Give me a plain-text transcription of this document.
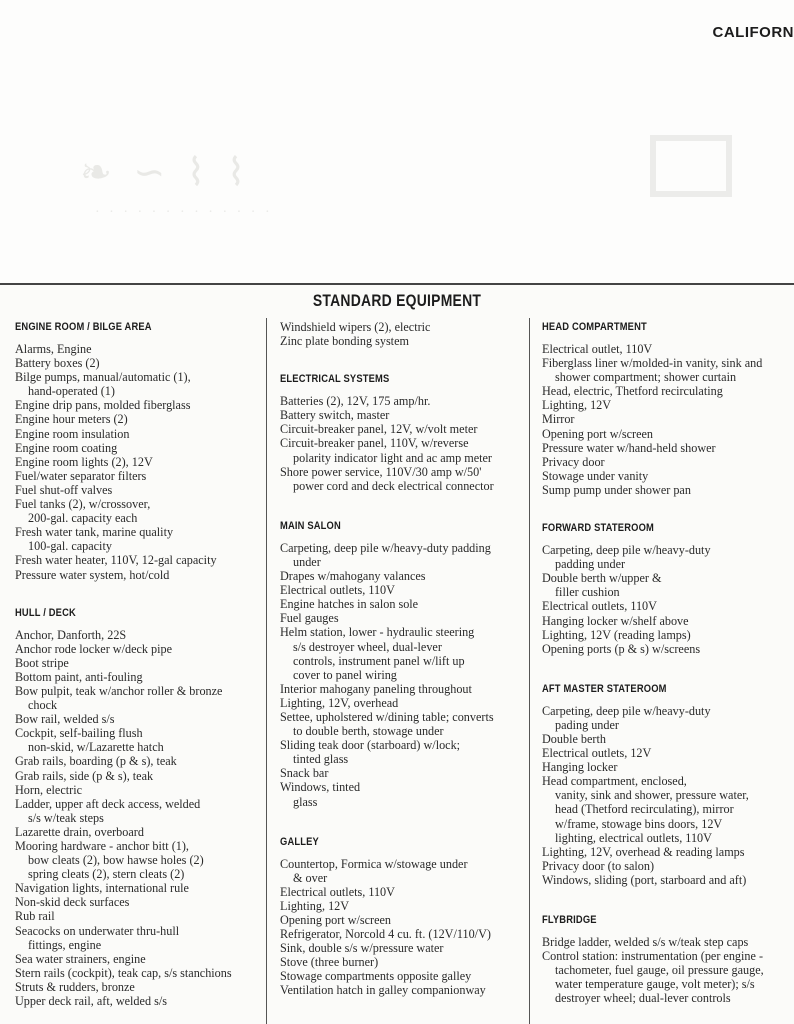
❧ ∽ ⌇ ⌇
· · · · · · · · · · · · ·
CALIFORN
STANDARD EQUIPMENT
ENGINE ROOM / BILGE AREA
Alarms, Engine
Battery boxes (2)
Bilge pumps, manual/automatic (1),
hand-operated (1)
Engine drip pans, molded fiberglass
Engine hour meters (2)
Engine room insulation
Engine room coating
Engine room lights (2), 12V
Fuel/water separator filters
Fuel shut-off valves
Fuel tanks (2), w/crossover,
200-gal. capacity each
Fresh water tank, marine quality
100-gal. capacity
Fresh water heater, 110V, 12-gal capacity
Pressure water system, hot/cold
HULL / DECK
Anchor, Danforth, 22S
Anchor rode locker w/deck pipe
Boot stripe
Bottom paint, anti-fouling
Bow pulpit, teak w/anchor roller & bronze
chock
Bow rail, welded s/s
Cockpit, self-bailing flush
non-skid, w/Lazarette hatch
Grab rails, boarding (p & s), teak
Grab rails, side (p & s), teak
Horn, electric
Ladder, upper aft deck access, welded
s/s w/teak steps
Lazarette drain, overboard
Mooring hardware - anchor bitt (1),
bow cleats (2), bow hawse holes (2)
spring cleats (2), stern cleats (2)
Navigation lights, international rule
Non-skid deck surfaces
Rub rail
Seacocks on underwater thru-hull
fittings, engine
Sea water strainers, engine
Stern rails (cockpit), teak cap, s/s stanchions
Struts & rudders, bronze
Upper deck rail, aft, welded s/s
Windshield wipers (2), electric
Zinc plate bonding system
ELECTRICAL SYSTEMS
Batteries (2), 12V, 175 amp/hr.
Battery switch, master
Circuit-breaker panel, 12V, w/volt meter
Circuit-breaker panel, 110V, w/reverse
polarity indicator light and ac amp meter
Shore power service, 110V/30 amp w/50'
power cord and deck electrical connector
MAIN SALON
Carpeting, deep pile w/heavy-duty padding
under
Drapes w/mahogany valances
Electrical outlets, 110V
Engine hatches in salon sole
Fuel gauges
Helm station, lower - hydraulic steering
s/s destroyer wheel, dual-lever
controls, instrument panel w/lift up
cover to panel wiring
Interior mahogany paneling throughout
Lighting, 12V, overhead
Settee, upholstered w/dining table; converts
to double berth, stowage under
Sliding teak door (starboard) w/lock;
tinted glass
Snack bar
Windows, tinted
glass
GALLEY
Countertop, Formica w/stowage under
& over
Electrical outlets, 110V
Lighting, 12V
Opening port w/screen
Refrigerator, Norcold 4 cu. ft. (12V/110/V)
Sink, double s/s w/pressure water
Stove (three burner)
Stowage compartments opposite galley
Ventilation hatch in galley companionway
HEAD COMPARTMENT
Electrical outlet, 110V
Fiberglass liner w/molded-in vanity, sink and
shower compartment; shower curtain
Head, electric, Thetford recirculating
Lighting, 12V
Mirror
Opening port w/screen
Pressure water w/hand-held shower
Privacy door
Stowage under vanity
Sump pump under shower pan
FORWARD STATEROOM
Carpeting, deep pile w/heavy-duty
padding under
Double berth w/upper &
filler cushion
Electrical outlets, 110V
Hanging locker w/shelf above
Lighting, 12V (reading lamps)
Opening ports (p & s) w/screens
AFT MASTER STATEROOM
Carpeting, deep pile w/heavy-duty
pading under
Double berth
Electrical outlets, 12V
Hanging locker
Head compartment, enclosed,
vanity, sink and shower, pressure water,
head (Thetford recirculating), mirror
w/frame, stowage bins doors, 12V
lighting, electrical outlets, 110V
Lighting, 12V, overhead & reading lamps
Privacy door (to salon)
Windows, sliding (port, starboard and aft)
FLYBRIDGE
Bridge ladder, welded s/s w/teak step caps
Control station: instrumentation (per engine -
tachometer, fuel gauge, oil pressure gauge,
water temperature gauge, volt meter); s/s
destroyer wheel; dual-lever controls
